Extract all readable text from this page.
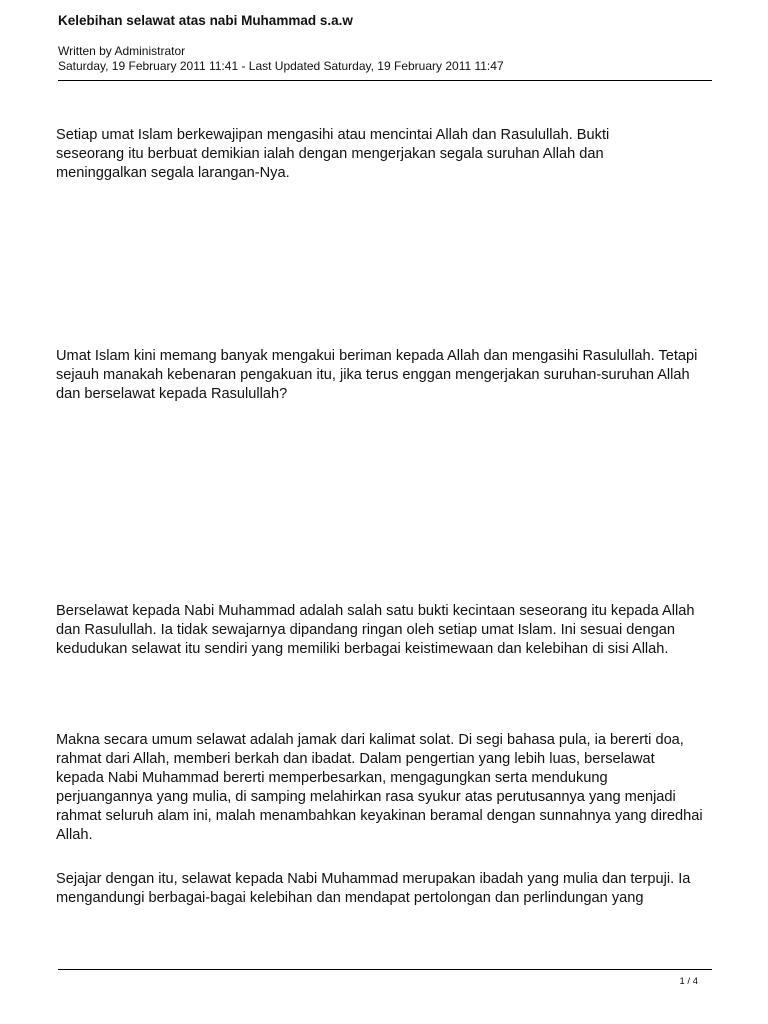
Kelebihan selawat atas nabi Muhammad s.a.w
Written by Administrator
Saturday, 19 February 2011 11:41 - Last Updated Saturday, 19 February 2011 11:47

Setiap umat Islam berkewajipan mengasihi atau mencintai Allah dan Rasulullah. Bukti seseorang itu berbuat demikian ialah dengan mengerjakan segala suruhan Allah dan meninggalkan segala larangan-Nya.

Umat Islam kini memang banyak mengakui beriman kepada Allah dan mengasihi Rasulullah. Tetapi sejauh manakah kebenaran pengakuan itu, jika terus enggan mengerjakan suruhan-suruhan Allah dan berselawat kepada Rasulullah?

Berselawat kepada Nabi Muhammad adalah salah satu bukti kecintaan seseorang itu kepada Allah dan Rasulullah. Ia tidak sewajarnya dipandang ringan oleh setiap umat Islam. Ini sesuai dengan kedudukan selawat itu sendiri yang memiliki berbagai keistimewaan dan kelebihan di sisi Allah.

Makna secara umum selawat adalah jamak dari kalimat solat. Di segi bahasa pula, ia bererti doa, rahmat dari Allah, memberi berkah dan ibadat. Dalam pengertian yang lebih luas, berselawat kepada Nabi Muhammad bererti memperbesarkan, mengagungkan serta mendukung perjuangannya yang mulia, di samping melahirkan rasa syukur atas perutusannya yang menjadi rahmat seluruh alam ini, malah menambahkan keyakinan beramal dengan sunnahnya yang diredhai Allah.

Sejajar dengan itu, selawat kepada Nabi Muhammad merupakan ibadah yang mulia dan terpuji. Ia mengandungi berbagai-bagai kelebihan dan mendapat pertolongan dan perlindungan yang

1 / 4
